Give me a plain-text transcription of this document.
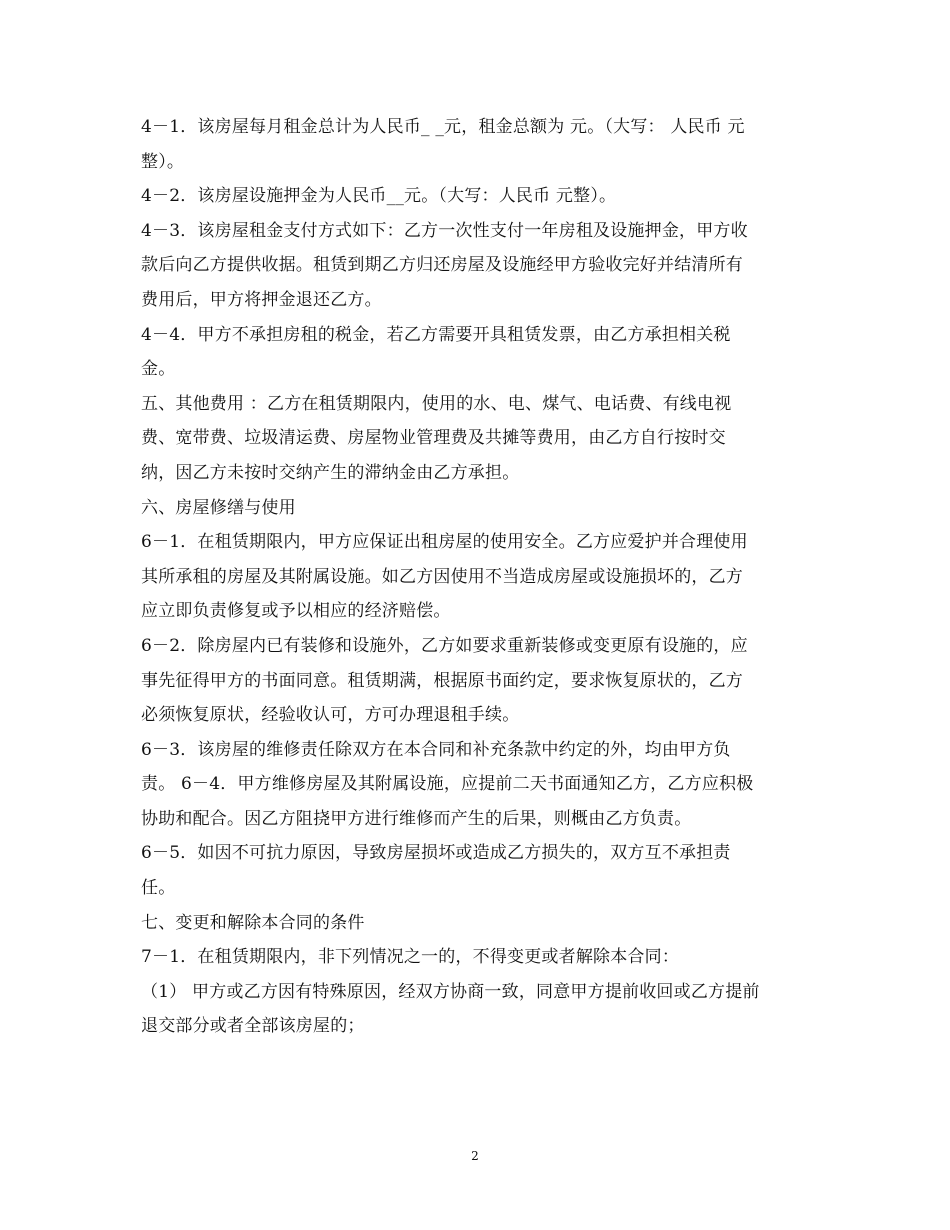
4－1．该房屋每月租金总计为人民币_ _元，租金总额为 元。（大写： 人民币 元
整）。
4－2．该房屋设施押金为人民币__元。（大写：人民币 元整）。
4－3．该房屋租金支付方式如下：乙方一次性支付一年房租及设施押金，甲方收
款后向乙方提供收据。租赁到期乙方归还房屋及设施经甲方验收完好并结清所有
费用后，甲方将押金退还乙方。
4－4．甲方不承担房租的税金，若乙方需要开具租赁发票，由乙方承担相关税
金。
五、其他费用 ：乙方在租赁期限内，使用的水、电、煤气、电话费、有线电视
费、宽带费、垃圾清运费、房屋物业管理费及共摊等费用，由乙方自行按时交
纳，因乙方未按时交纳产生的滞纳金由乙方承担。
六、房屋修缮与使用
6－1．在租赁期限内，甲方应保证出租房屋的使用安全。乙方应爱护并合理使用
其所承租的房屋及其附属设施。如乙方因使用不当造成房屋或设施损坏的，乙方
应立即负责修复或予以相应的经济赔偿。
6－2．除房屋内已有装修和设施外，乙方如要求重新装修或变更原有设施的，应
事先征得甲方的书面同意。租赁期满，根据原书面约定，要求恢复原状的，乙方
必须恢复原状，经验收认可，方可办理退租手续。
6－3．该房屋的维修责任除双方在本合同和补充条款中约定的外，均由甲方负
责。 6－4．甲方维修房屋及其附属设施，应提前二天书面通知乙方，乙方应积极
协助和配合。因乙方阻挠甲方进行维修而产生的后果，则概由乙方负责。
6－5．如因不可抗力原因，导致房屋损坏或造成乙方损失的，双方互不承担责
任。
七、变更和解除本合同的条件
7－1．在租赁期限内，非下列情况之一的，不得变更或者解除本合同：
（1） 甲方或乙方因有特殊原因，经双方协商一致，同意甲方提前收回或乙方提前
退交部分或者全部该房屋的；
2
